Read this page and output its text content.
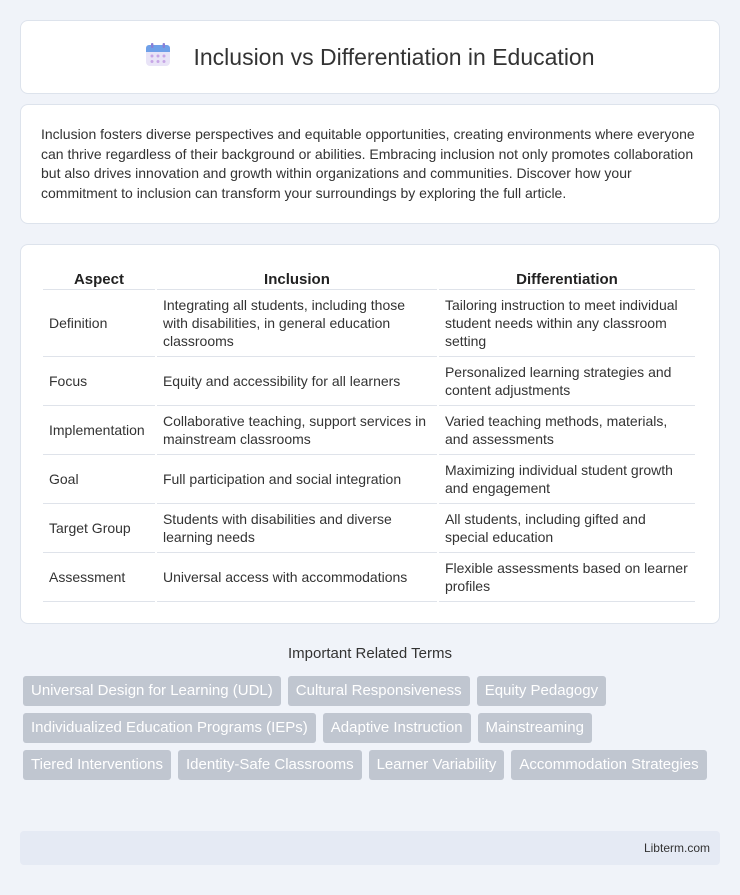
Inclusion vs Differentiation in Education

Inclusion fosters diverse perspectives and equitable opportunities, creating environments where everyone can thrive regardless of their background or abilities. Embracing inclusion not only promotes collaboration but also drives innovation and growth within organizations and communities. Discover how your commitment to inclusion can transform your surroundings by exploring the full article.

Aspect	Inclusion	Differentiation
Definition	Integrating all students, including those with disabilities, in general education classrooms	Tailoring instruction to meet individual student needs within any classroom setting
Focus	Equity and accessibility for all learners	Personalized learning strategies and content adjustments
Implementation	Collaborative teaching, support services in mainstream classrooms	Varied teaching methods, materials, and assessments
Goal	Full participation and social integration	Maximizing individual student growth and engagement
Target Group	Students with disabilities and diverse learning needs	All students, including gifted and special education
Assessment	Universal access with accommodations	Flexible assessments based on learner profiles
Important Related Terms
Universal Design for Learning (UDL)	Cultural Responsiveness	Equity Pedagogy
Individualized Education Programs (IEPs)	Adaptive Instruction	Mainstreaming
Tiered Interventions	Identity-Safe Classrooms	Learner Variability	Accommodation Strategies
Libterm.com
